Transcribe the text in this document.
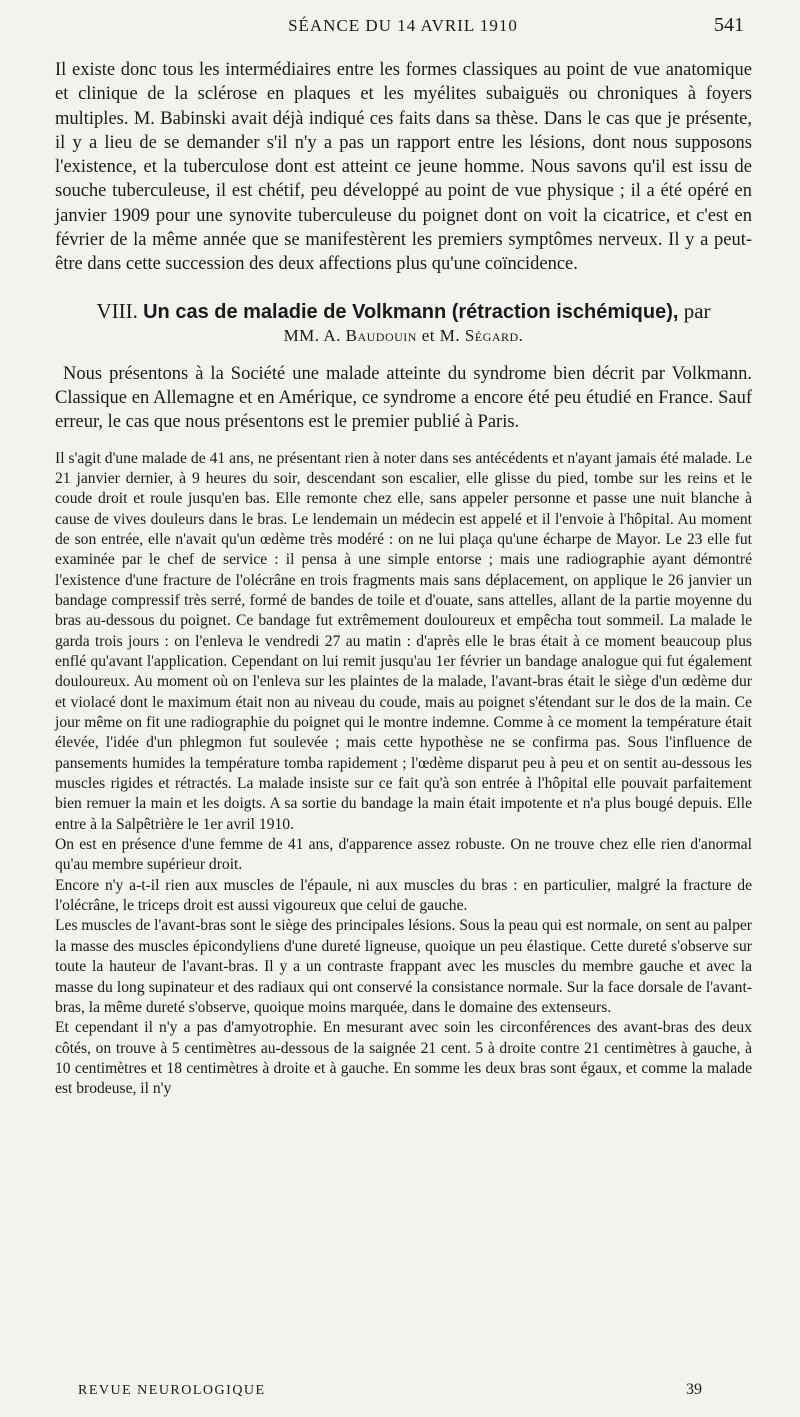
SÉANCE DU 14 AVRIL 1910	541

Il existe donc tous les intermédiaires entre les formes classiques au point de vue anatomique et clinique de la sclérose en plaques et les myélites subaiguës ou chroniques à foyers multiples. M. Babinski avait déjà indiqué ces faits dans sa thèse. Dans le cas que je présente, il y a lieu de se demander s'il n'y a pas un rapport entre les lésions, dont nous supposons l'existence, et la tuberculose dont est atteint ce jeune homme. Nous savons qu'il est issu de souche tuberculeuse, il est chétif, peu développé au point de vue physique ; il a été opéré en janvier 1909 pour une synovite tuberculeuse du poignet dont on voit la cicatrice, et c'est en février de la même année que se manifestèrent les premiers symptômes nerveux. Il y a peut-être dans cette succession des deux affections plus qu'une coïncidence.

VIII. Un cas de maladie de Volkmann (rétraction ischémique), par
MM. A. Baudouin et M. Ségard.

Nous présentons à la Société une malade atteinte du syndrome bien décrit par Volkmann. Classique en Allemagne et en Amérique, ce syndrome a encore été peu étudié en France. Sauf erreur, le cas que nous présentons est le premier publié à Paris.

Il s'agit d'une malade de 41 ans, ne présentant rien à noter dans ses antécédents et n'ayant jamais été malade. Le 21 janvier dernier, à 9 heures du soir, descendant son escalier, elle glisse du pied, tombe sur les reins et le coude droit et roule jusqu'en bas. Elle remonte chez elle, sans appeler personne et passe une nuit blanche à cause de vives douleurs dans le bras. Le lendemain un médecin est appelé et il l'envoie à l'hôpital. Au moment de son entrée, elle n'avait qu'un œdème très modéré : on ne lui plaça qu'une écharpe de Mayor. Le 23 elle fut examinée par le chef de service : il pensa à une simple entorse ; mais une radiographie ayant démontré l'existence d'une fracture de l'olécrâne en trois fragments mais sans déplacement, on applique le 26 janvier un bandage compressif très serré, formé de bandes de toile et d'ouate, sans attelles, allant de la partie moyenne du bras au-dessous du poignet. Ce bandage fut extrêmement douloureux et empêcha tout sommeil. La malade le garda trois jours : on l'enleva le vendredi 27 au matin : d'après elle le bras était à ce moment beaucoup plus enflé qu'avant l'application. Cependant on lui remit jusqu'au 1er février un bandage analogue qui fut également douloureux. Au moment où on l'enleva sur les plaintes de la malade, l'avant-bras était le siège d'un œdème dur et violacé dont le maximum était non au niveau du coude, mais au poignet s'étendant sur le dos de la main. Ce jour même on fit une radiographie du poignet qui le montre indemne. Comme à ce moment la température était élevée, l'idée d'un phlegmon fut soulevée ; mais cette hypothèse ne se confirma pas. Sous l'influence de pansements humides la température tomba rapidement ; l'œdème disparut peu à peu et on sentit au-dessous les muscles rigides et rétractés. La malade insiste sur ce fait qu'à son entrée à l'hôpital elle pouvait parfaitement bien remuer la main et les doigts. A sa sortie du bandage la main était impotente et n'a plus bougé depuis. Elle entre à la Salpêtrière le 1er avril 1910.

On est en présence d'une femme de 41 ans, d'apparence assez robuste. On ne trouve chez elle rien d'anormal qu'au membre supérieur droit.

Encore n'y a-t-il rien aux muscles de l'épaule, ni aux muscles du bras : en particulier, malgré la fracture de l'olécrâne, le triceps droit est aussi vigoureux que celui de gauche.

Les muscles de l'avant-bras sont le siège des principales lésions. Sous la peau qui est normale, on sent au palper la masse des muscles épicondyliens d'une dureté ligneuse, quoique un peu élastique. Cette dureté s'observe sur toute la hauteur de l'avant-bras. Il y a un contraste frappant avec les muscles du membre gauche et avec la masse du long supinateur et des radiaux qui ont conservé la consistance normale. Sur la face dorsale de l'avant-bras, la même dureté s'observe, quoique moins marquée, dans le domaine des extenseurs.

Et cependant il n'y a pas d'amyotrophie. En mesurant avec soin les circonférences des avant-bras des deux côtés, on trouve à 5 centimètres au-dessous de la saignée 21 cent. 5 à droite contre 21 centimètres à gauche, à 10 centimètres et 18 centimètres à droite et à gauche. En somme les deux bras sont égaux, et comme la malade est brodeuse, il n'y

REVUE NEUROLOGIQUE	39
